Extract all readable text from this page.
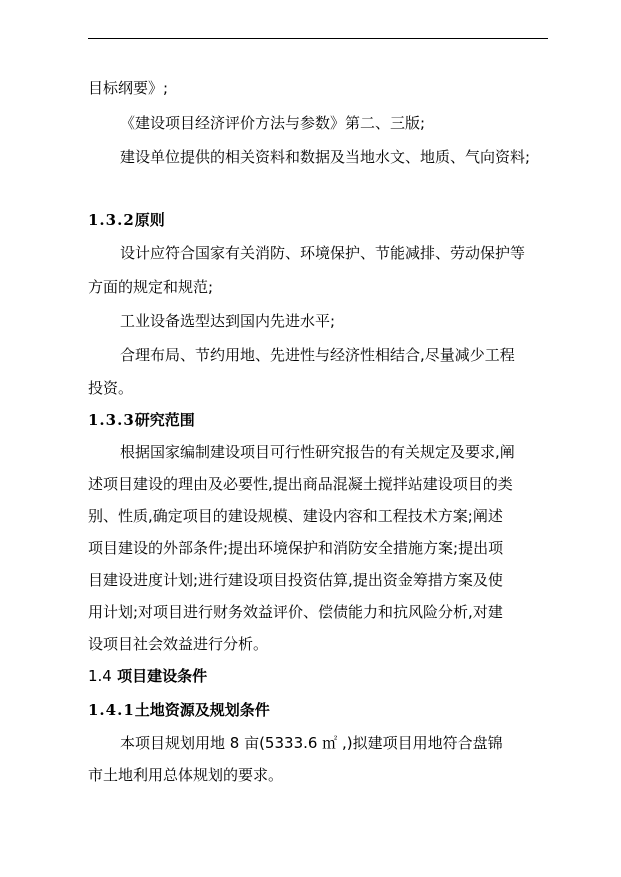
目标纲要》;
《建设项目经济评价方法与参数》第二、三版;
建设单位提供的相关资料和数据及当地水文、地质、气向资料;
1.3.2原则
设计应符合国家有关消防、环境保护、节能减排、劳动保护等
方面的规定和规范;
工业设备选型达到国内先进水平;
合理布局、节约用地、先进性与经济性相结合,尽量减少工程
投资。
1.3.3研究范围
根据国家编制建设项目可行性研究报告的有关规定及要求,阐
述项目建设的理由及必要性,提出商品混凝土搅拌站建设项目的类
别、性质,确定项目的建设规模、建设内容和工程技术方案;阐述
项目建设的外部条件;提出环境保护和消防安全措施方案;提出项
目建设进度计划;进行建设项目投资估算,提出资金筹措方案及使
用计划;对项目进行财务效益评价、偿债能力和抗风险分析,对建
设项目社会效益进行分析。
1.4 项目建设条件
1.4.1土地资源及规划条件
本项目规划用地 8 亩(5333.6 ㎡ ,)拟建项目用地符合盘锦
市土地利用总体规划的要求。
